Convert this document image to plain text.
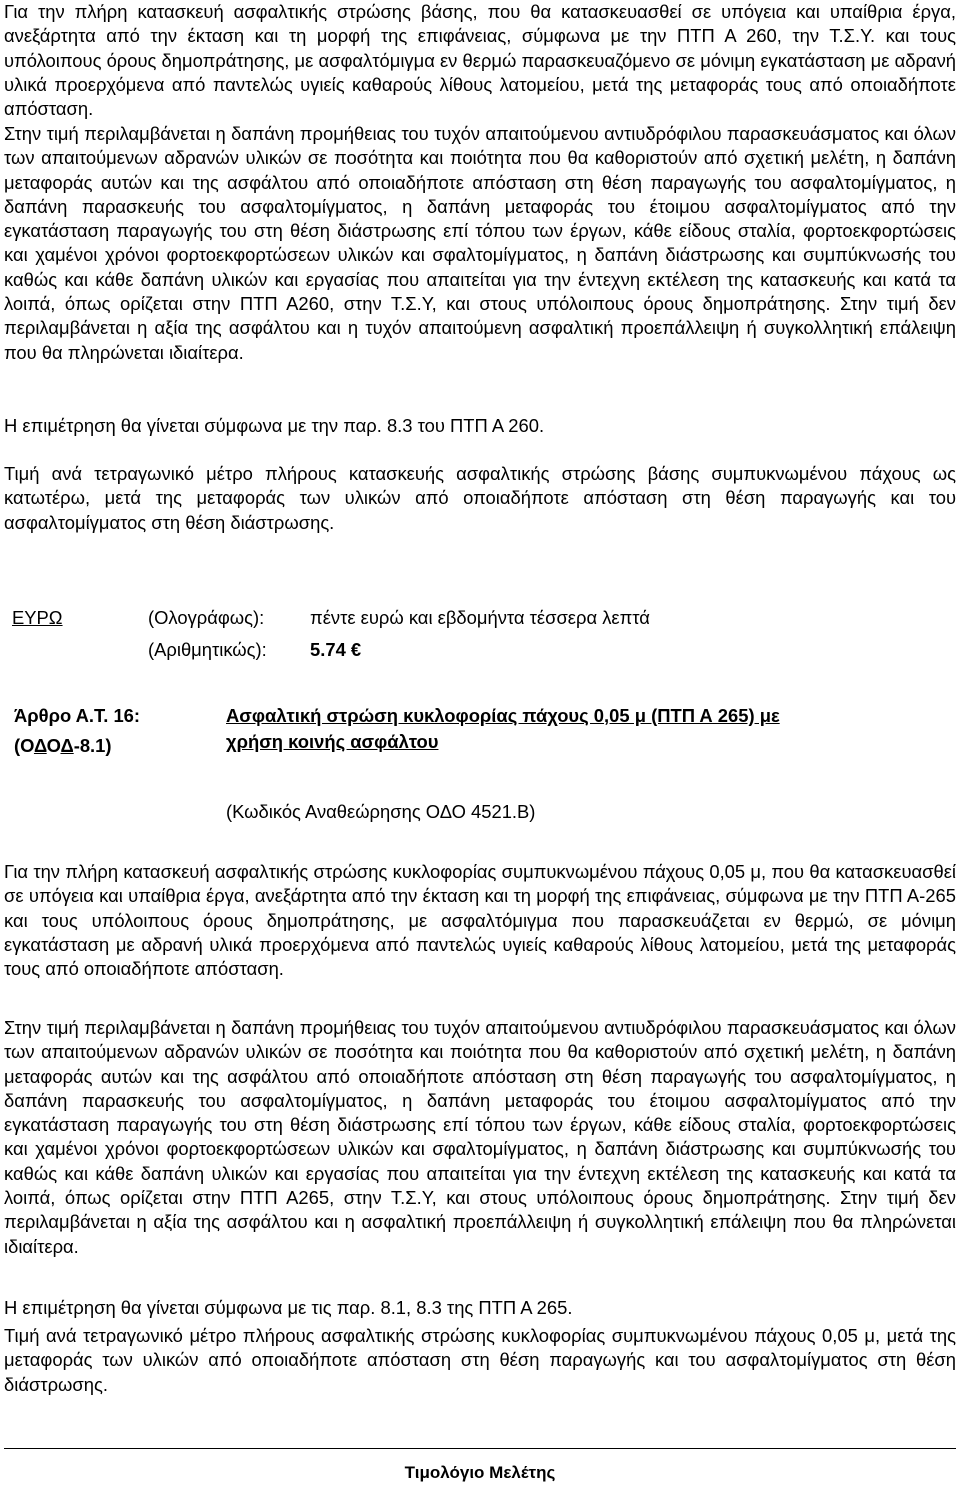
Για την πλήρη κατασκευή ασφαλτικής στρώσης βάσης, που θα κατασκευασθεί σε υπόγεια και υπαίθρια έργα, ανεξάρτητα από την έκταση και τη μορφή της επιφάνειας, σύμφωνα με την ΠΤΠ Α 260, την Τ.Σ.Υ. και τους υπόλοιπους όρους δημοπράτησης, με ασφαλτόμιγμα εν θερμώ παρασκευαζόμενο σε μόνιμη εγκατάσταση με αδρανή υλικά προερχόμενα από παντελώς υγιείς καθαρούς λίθους λατομείου, μετά της μεταφοράς τους από οποιαδήποτε απόσταση.

Στην τιμή περιλαμβάνεται η δαπάνη προμήθειας του τυχόν απαιτούμενου αντιυδρόφιλου παρασκευάσματος και όλων των απαιτούμενων αδρανών υλικών σε ποσότητα και ποιότητα που θα καθοριστούν από σχετική μελέτη, η δαπάνη μεταφοράς αυτών και της ασφάλτου από οποιαδήποτε απόσταση στη θέση παραγωγής του ασφαλτομίγματος, η δαπάνη παρασκευής του ασφαλτομίγματος, η δαπάνη μεταφοράς του έτοιμου ασφαλτομίγματος από την εγκατάσταση παραγωγής του στη θέση διάστρωσης επί τόπου των έργων, κάθε είδους σταλία, φορτοεκφορτώσεις και χαμένοι χρόνοι φορτοεκφορτώσεων υλικών και σφαλτομίγματος, η δαπάνη διάστρωσης και συμπύκνωσής του καθώς και κάθε δαπάνη υλικών και εργασίας που απαιτείται για την έντεχνη εκτέλεση της κατασκευής και κατά τα λοιπά, όπως ορίζεται στην ΠΤΠ Α260, στην Τ.Σ.Υ, και στους υπόλοιπους όρους δημοπράτησης. Στην τιμή δεν περιλαμβάνεται η αξία της ασφάλτου και η τυχόν απαιτούμενη ασφαλτική προεπάλλειψη ή συγκολλητική επάλειψη που θα πληρώνεται ιδιαίτερα.

Η επιμέτρηση θα γίνεται σύμφωνα με την παρ. 8.3 του ΠΤΠ Α 260.

Τιμή ανά τετραγωνικό μέτρο πλήρους κατασκευής ασφαλτικής στρώσης βάσης συμπυκνωμένου πάχους ως κατωτέρω, μετά της μεταφοράς των υλικών από οποιαδήποτε απόσταση στη θέση παραγωγής και του ασφαλτομίγματος στη θέση διάστρωσης.

ΕΥΡΩ	(Ολογράφως): πέντε ευρώ και εβδομήντα τέσσερα λεπτά
(Αριθμητικώς): 5.74 €
Άρθρο Α.Τ. 16:
(ΟΔΟΔ-8.1)
Ασφαλτική στρώση κυκλοφορίας πάχους 0,05 μ (ΠΤΠ Α 265) με
χρήση κοινής ασφάλτου
(Κωδικός Αναθεώρησης ΟΔΟ 4521.Β)

Για την πλήρη κατασκευή ασφαλτικής στρώσης κυκλοφορίας συμπυκνωμένου πάχους 0,05 μ, που θα κατασκευασθεί σε υπόγεια και υπαίθρια έργα, ανεξάρτητα από την έκταση και τη μορφή της επιφάνειας, σύμφωνα με την ΠΤΠ Α-265 και τους υπόλοιπους όρους δημοπράτησης, με ασφαλτόμιγμα που παρασκευάζεται εν θερμώ, σε μόνιμη εγκατάσταση με αδρανή υλικά προερχόμενα από παντελώς υγιείς καθαρούς λίθους λατομείου, μετά της μεταφοράς τους από οποιαδήποτε απόσταση.

Στην τιμή περιλαμβάνεται η δαπάνη προμήθειας του τυχόν απαιτούμενου αντιυδρόφιλου παρασκευάσματος και όλων των απαιτούμενων αδρανών υλικών σε ποσότητα και ποιότητα που θα καθοριστούν από σχετική μελέτη, η δαπάνη μεταφοράς αυτών και της ασφάλτου από οποιαδήποτε απόσταση στη θέση παραγωγής του ασφαλτομίγματος, η δαπάνη παρασκευής του ασφαλτομίγματος, η δαπάνη μεταφοράς του έτοιμου ασφαλτομίγματος από την εγκατάσταση παραγωγής του στη θέση διάστρωσης επί τόπου των έργων, κάθε είδους σταλία, φορτοεκφορτώσεις και χαμένοι χρόνοι φορτοεκφορτώσεων υλικών και σφαλτομίγματος, η δαπάνη διάστρωσης και συμπύκνωσής του καθώς και κάθε δαπάνη υλικών και εργασίας που απαιτείται για την έντεχνη εκτέλεση της κατασκευής και κατά τα λοιπά, όπως ορίζεται στην ΠΤΠ Α265, στην Τ.Σ.Υ, και στους υπόλοιπους όρους δημοπράτησης. Στην τιμή δεν περιλαμβάνεται η αξία της ασφάλτου και η ασφαλτική προεπάλλειψη ή συγκολλητική επάλειψη που θα πληρώνεται ιδιαίτερα.

Η επιμέτρηση θα γίνεται σύμφωνα με τις παρ. 8.1, 8.3 της ΠΤΠ Α 265.

Τιμή ανά τετραγωνικό μέτρο πλήρους ασφαλτικής στρώσης κυκλοφορίας συμπυκνωμένου πάχους 0,05 μ, μετά της μεταφοράς των υλικών από οποιαδήποτε απόσταση στη θέση παραγωγής και του ασφαλτομίγματος στη θέση διάστρωσης.

Τιμολόγιο Μελέτης
